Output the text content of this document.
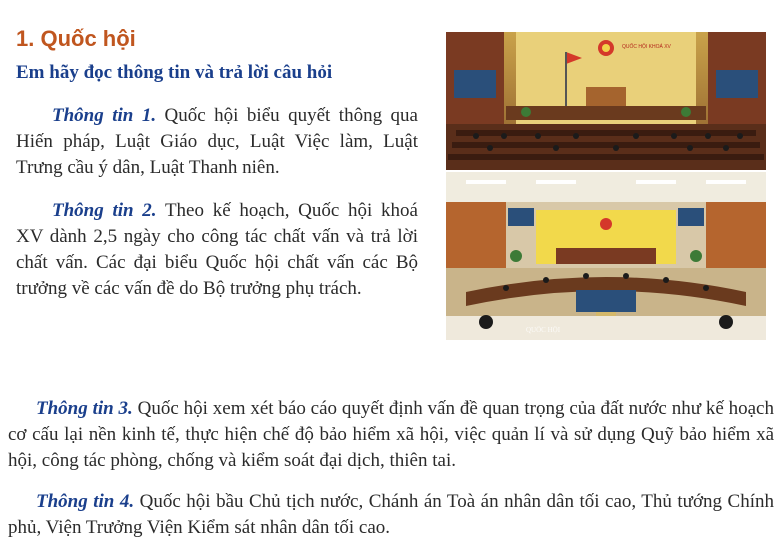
1. Quốc hội
Em hãy đọc thông tin và trả lời câu hỏi

Thông tin 1. Quốc hội biểu quyết thông qua Hiến pháp, Luật Giáo dục, Luật Việc làm, Luật Trưng cầu ý dân, Luật Thanh niên.

Thông tin 2. Theo kế hoạch, Quốc hội khoá XV dành 2,5 ngày cho công tác chất vấn và trả lời chất vấn. Các đại biểu Quốc hội chất vấn các Bộ trưởng về các vấn đề do Bộ trưởng phụ trách.

Thông tin 3. Quốc hội xem xét báo cáo quyết định vấn đề quan trọng của đất nước như kế hoạch cơ cấu lại nền kinh tế, thực hiện chế độ bảo hiểm xã hội, việc quản lí và sử dụng Quỹ bảo hiểm xã hội, công tác phòng, chống và kiểm soát đại dịch, thiên tai.

Thông tin 4. Quốc hội bầu Chủ tịch nước, Chánh án Toà án nhân dân tối cao, Thủ tướng Chính phủ, Viện Trưởng Viện Kiểm sát nhân dân tối cao.

QUỐC HỘI KHOÁ XV
QUỐC HỘI
